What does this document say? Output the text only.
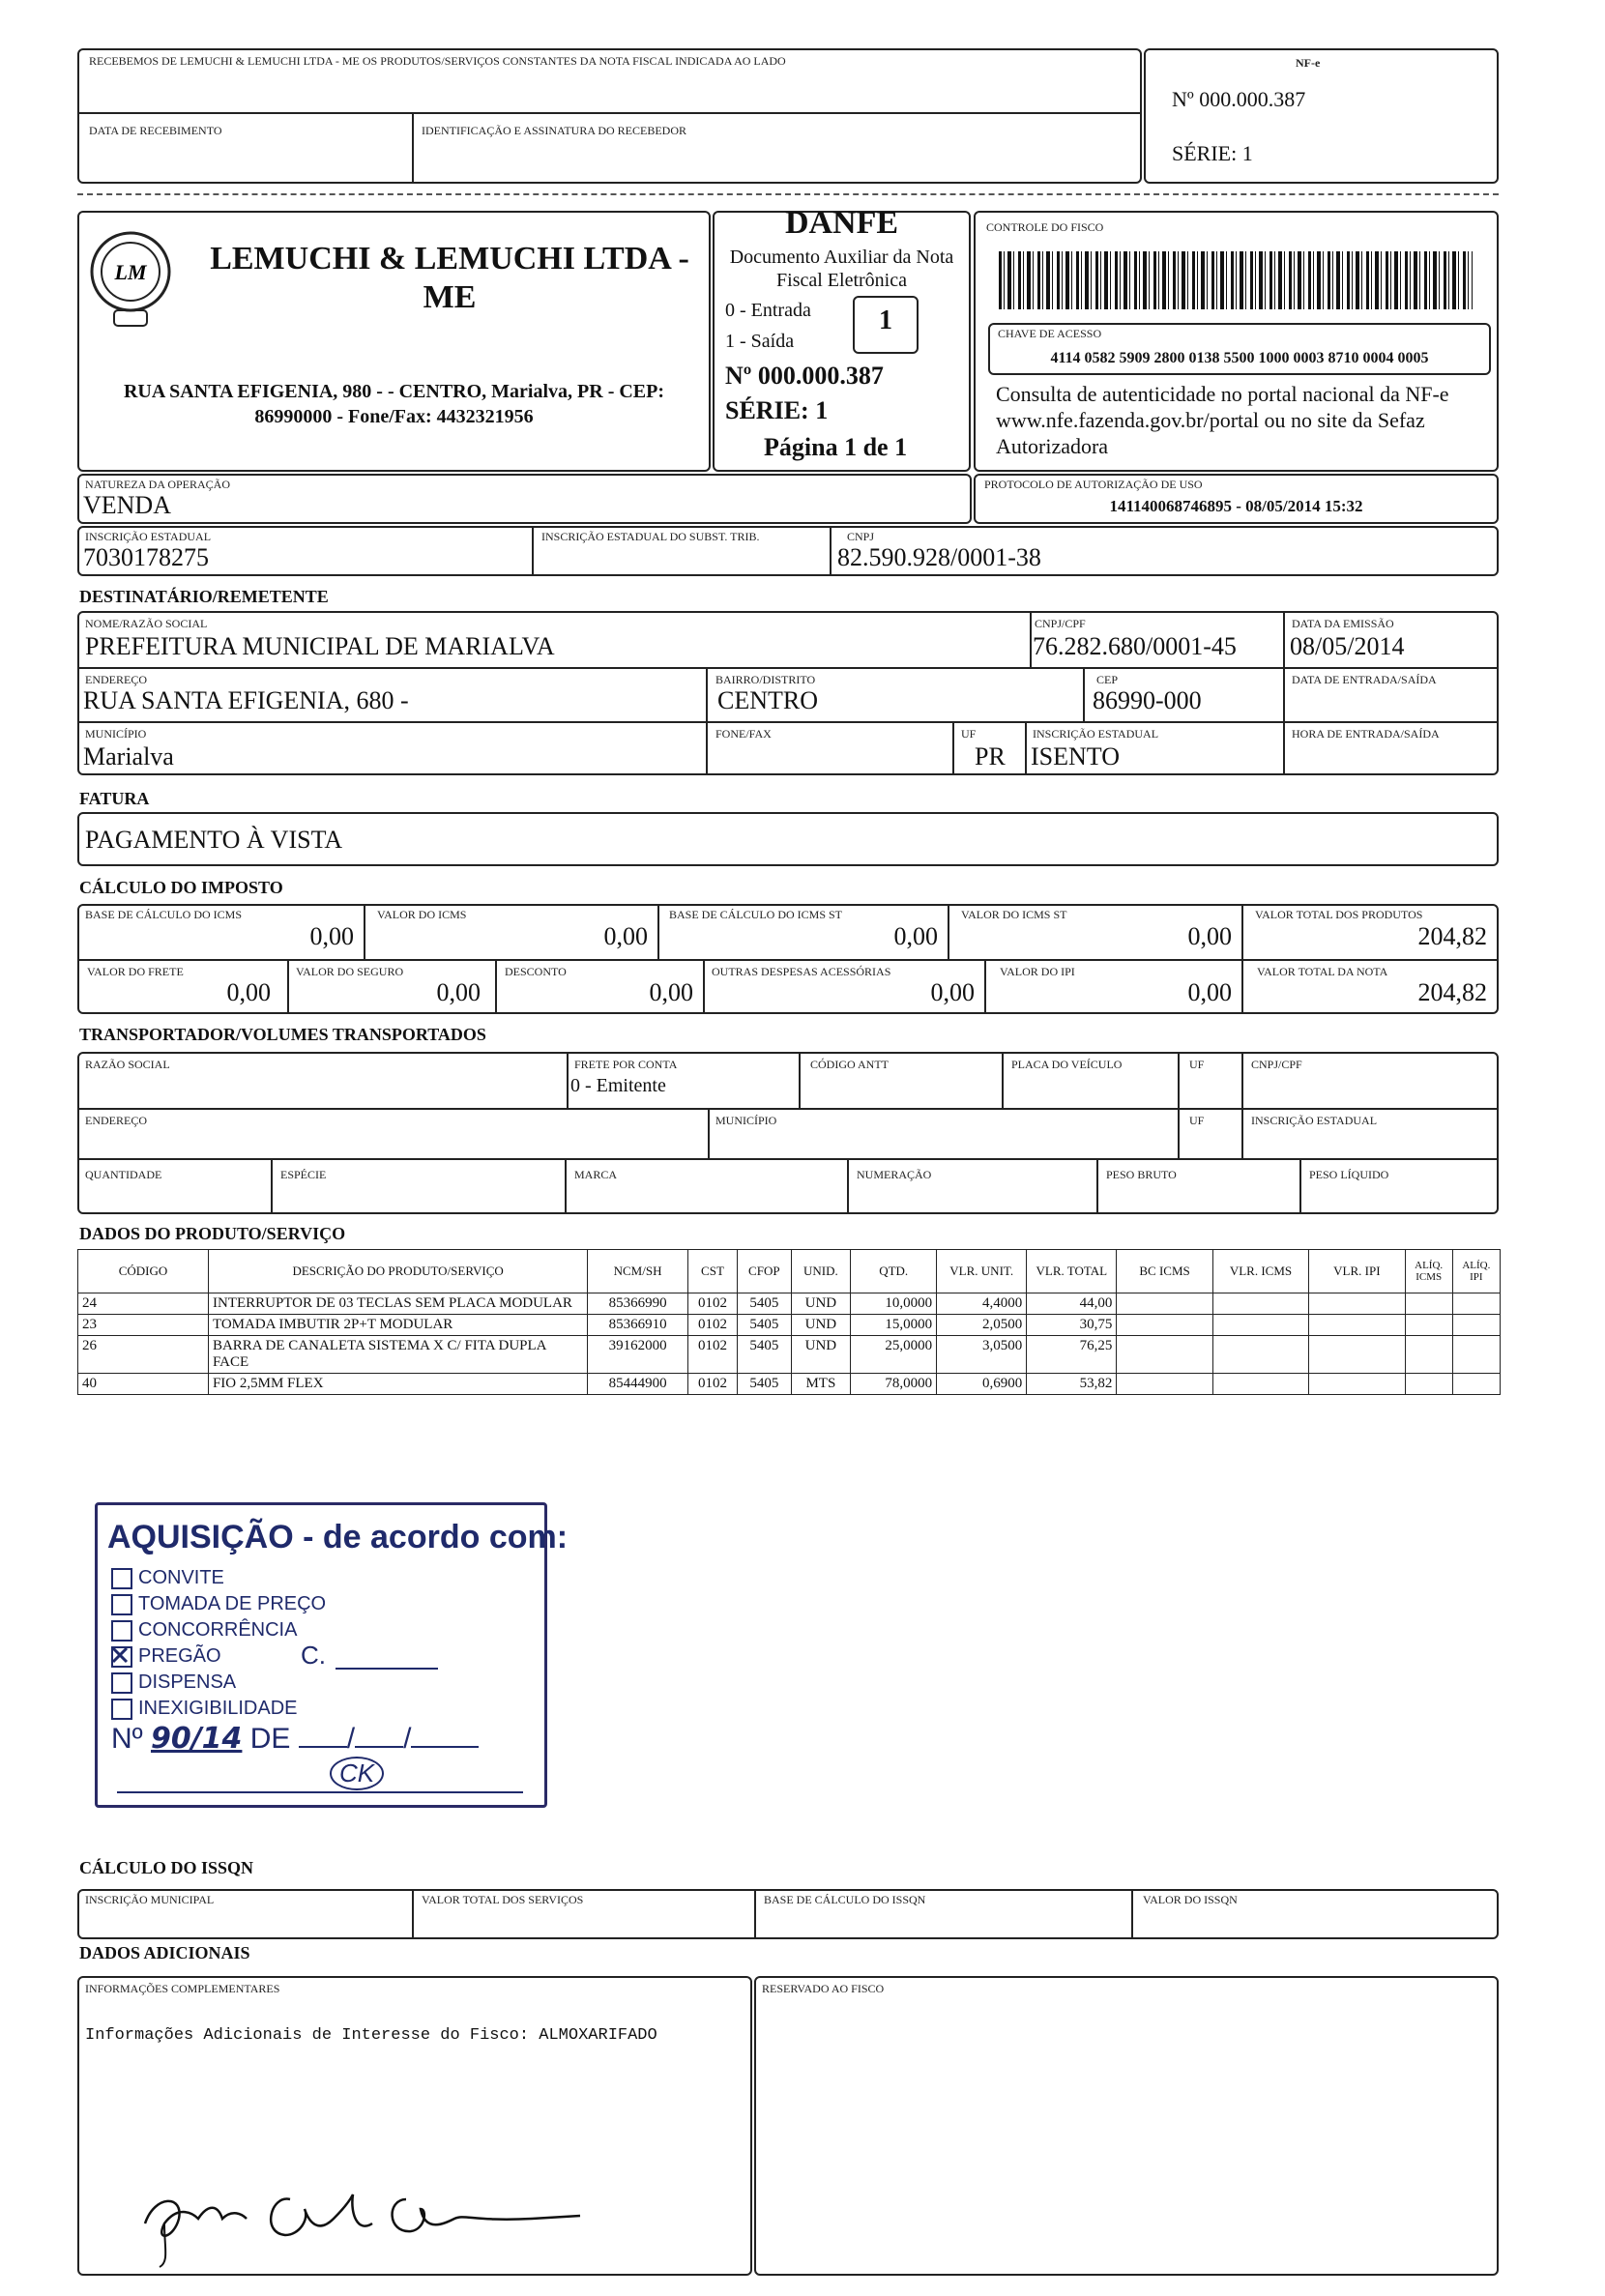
RECEBEMOS DE LEMUCHI & LEMUCHI LTDA - ME OS PRODUTOS/SERVIÇOS CONSTANTES DA NOTA FISCAL INDICADA AO LADO
DATA DE RECEBIMENTO	IDENTIFICAÇÃO E ASSINATURA DO RECEBEDOR
NF-e
Nº 000.000.387
SÉRIE: 1
LM LEMUCHI & LEMUCHI LTDA - ME
RUA SANTA EFIGENIA, 980 - - CENTRO, Marialva, PR - CEP: 86990000 - Fone/Fax: 4432321956
DANFE
Documento Auxiliar da Nota Fiscal Eletrônica
0 - Entrada
1 - Saída
1
Nº 000.000.387
SÉRIE: 1
Página 1 de 1
CONTROLE DO FISCO
CHAVE DE ACESSO
4114 0582 5909 2800 0138 5500 1000 0003 8710 0004 0005
Consulta de autenticidade no portal nacional da NF-e www.nfe.fazenda.gov.br/portal ou no site da Sefaz Autorizadora
NATUREZA DA OPERAÇÃO
VENDA
PROTOCOLO DE AUTORIZAÇÃO DE USO
141140068746895 - 08/05/2014 15:32
INSCRIÇÃO ESTADUAL
7030178275
INSCRIÇÃO ESTADUAL DO SUBST. TRIB.	CNPJ
82.590.928/0001-38
DESTINATÁRIO/REMETENTE
NOME/RAZÃO SOCIAL
PREFEITURA MUNICIPAL DE MARIALVA
CNPJ/CPF
76.282.680/0001-45
DATA DA EMISSÃO
08/05/2014
ENDEREÇO
RUA SANTA EFIGENIA, 680 -
BAIRRO/DISTRITO
CENTRO
CEP
86990-000
DATA DE ENTRADA/SAÍDA
MUNICÍPIO
Marialva
FONE/FAX	UF
PR
INSCRIÇÃO ESTADUAL
ISENTO
HORA DE ENTRADA/SAÍDA
FATURA
PAGAMENTO À VISTA
CÁLCULO DO IMPOSTO
BASE DE CÁLCULO DO ICMS
0,00
VALOR DO ICMS
0,00
BASE DE CÁLCULO DO ICMS ST
0,00
VALOR DO ICMS ST
0,00
VALOR TOTAL DOS PRODUTOS
204,82
VALOR DO FRETE
0,00
VALOR DO SEGURO
0,00
DESCONTO
0,00
OUTRAS DESPESAS ACESSÓRIAS
0,00
VALOR DO IPI
0,00
VALOR TOTAL DA NOTA
204,82
TRANSPORTADOR/VOLUMES TRANSPORTADOS
RAZÃO SOCIAL	FRETE POR CONTA
0 - Emitente
CÓDIGO ANTT	PLACA DO VEÍCULO	UF	CNPJ/CPF
ENDEREÇO	MUNICÍPIO	UF	INSCRIÇÃO ESTADUAL
QUANTIDADE	ESPÉCIE	MARCA	NUMERAÇÃO	PESO BRUTO	PESO LÍQUIDO
DADOS DO PRODUTO/SERVIÇO
CÓDIGO	DESCRIÇÃO DO PRODUTO/SERVIÇO	NCM/SH	CST	CFOP	UNID.	QTD.	VLR. UNIT.	VLR. TOTAL	BC ICMS	VLR. ICMS	VLR. IPI	ALÍQ. ICMS	ALÍQ. IPI
24	INTERRUPTOR DE 03 TECLAS SEM PLACA MODULAR	85366990	0102	5405	UND	10,0000	4,4000	44,00					
23	TOMADA IMBUTIR 2P+T MODULAR	85366910	0102	5405	UND	15,0000	2,0500	30,75					
26	BARRA DE CANALETA SISTEMA X C/ FITA DUPLA FACE	39162000	0102	5405	UND	25,0000	3,0500	76,25					
40	FIO 2,5MM FLEX	85444900	0102	5405	MTS	78,0000	0,6900	53,82					
AQUISIÇÃO - de acordo com:
CONVITE
TOMADA DE PREÇO
CONCORRÊNCIA
PREGÃO
DISPENSA
INEXIGIBILIDADE
C.
Nº 90/14 DE / /
CK
CÁLCULO DO ISSQN
INSCRIÇÃO MUNICIPAL	VALOR TOTAL DOS SERVIÇOS	BASE DE CÁLCULO DO ISSQN	VALOR DO ISSQN
DADOS ADICIONAIS
INFORMAÇÕES COMPLEMENTARES
Informações Adicionais de Interesse do Fisco: ALMOXARIFADO
RESERVADO AO FISCO
